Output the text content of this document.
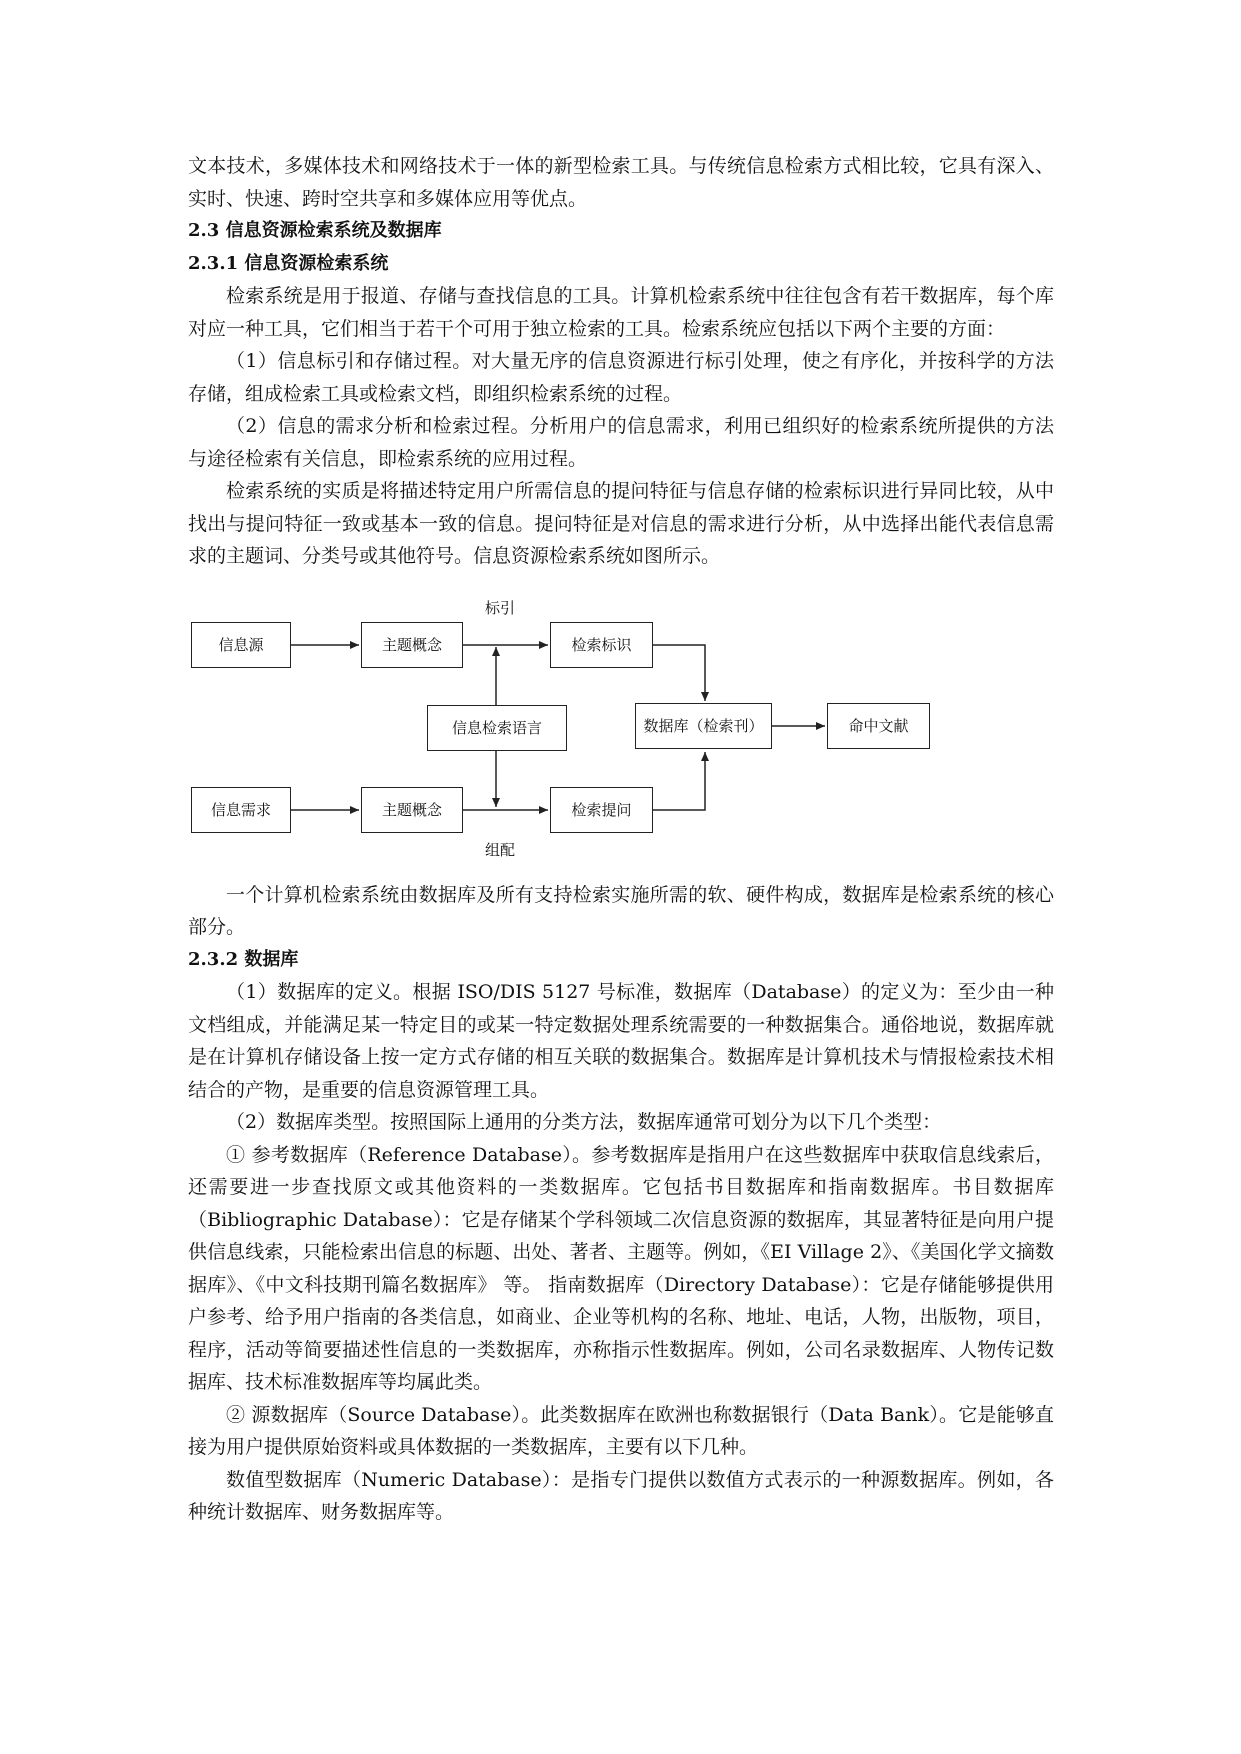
文本技术，多媒体技术和网络技术于一体的新型检索工具。与传统信息检索方式相比较，它具有深入、实时、快速、跨时空共享和多媒体应用等优点。

2.3 信息资源检索系统及数据库
2.3.1 信息资源检索系统

检索系统是用于报道、存储与查找信息的工具。计算机检索系统中往往包含有若干数据库，每个库对应一种工具，它们相当于若干个可用于独立检索的工具。检索系统应包括以下两个主要的方面：

（1）信息标引和存储过程。对大量无序的信息资源进行标引处理，使之有序化，并按科学的方法存储，组成检索工具或检索文档，即组织检索系统的过程。

（2）信息的需求分析和检索过程。分析用户的信息需求，利用已组织好的检索系统所提供的方法与途径检索有关信息，即检索系统的应用过程。

检索系统的实质是将描述特定用户所需信息的提问特征与信息存储的检索标识进行异同比较，从中找出与提问特征一致或基本一致的信息。提问特征是对信息的需求进行分析，从中选择出能代表信息需求的主题词、分类号或其他符号。信息资源检索系统如图所示。

信息源	主题概念
标引
检索标识
信息检索语言	数据库（检索刊）	命中文献
信息需求	主题概念
组配
检索提问

一个计算机检索系统由数据库及所有支持检索实施所需的软、硬件构成，数据库是检索系统的核心部分。

2.3.2 数据库

（1）数据库的定义。根据 ISO/DIS 5127 号标准，数据库（Database）的定义为：至少由一种文档组成，并能满足某一特定目的或某一特定数据处理系统需要的一种数据集合。通俗地说，数据库就是在计算机存储设备上按一定方式存储的相互关联的数据集合。数据库是计算机技术与情报检索技术相结合的产物，是重要的信息资源管理工具。

（2）数据库类型。按照国际上通用的分类方法，数据库通常可划分为以下几个类型：

① 参考数据库（Reference Database）。参考数据库是指用户在这些数据库中获取信息线索后，还需要进一步查找原文或其他资料的一类数据库。它包括书目数据库和指南数据库。书目数据库（Bibliographic Database）：它是存储某个学科领域二次信息资源的数据库，其显著特征是向用户提供信息线索，只能检索出信息的标题、出处、著者、主题等。例如，《EI Village 2》、《美国化学文摘数据库》、《中文科技期刊篇名数据库》 等。 指南数据库（Directory Database）：它是存储能够提供用户参考、给予用户指南的各类信息，如商业、企业等机构的名称、地址、电话，人物，出版物，项目，程序，活动等简要描述性信息的一类数据库，亦称指示性数据库。例如，公司名录数据库、人物传记数据库、技术标准数据库等均属此类。

② 源数据库（Source Database）。此类数据库在欧洲也称数据银行（Data Bank）。它是能够直接为用户提供原始资料或具体数据的一类数据库，主要有以下几种。

数值型数据库（Numeric Database）：是指专门提供以数值方式表示的一种源数据库。例如，各种统计数据库、财务数据库等。
